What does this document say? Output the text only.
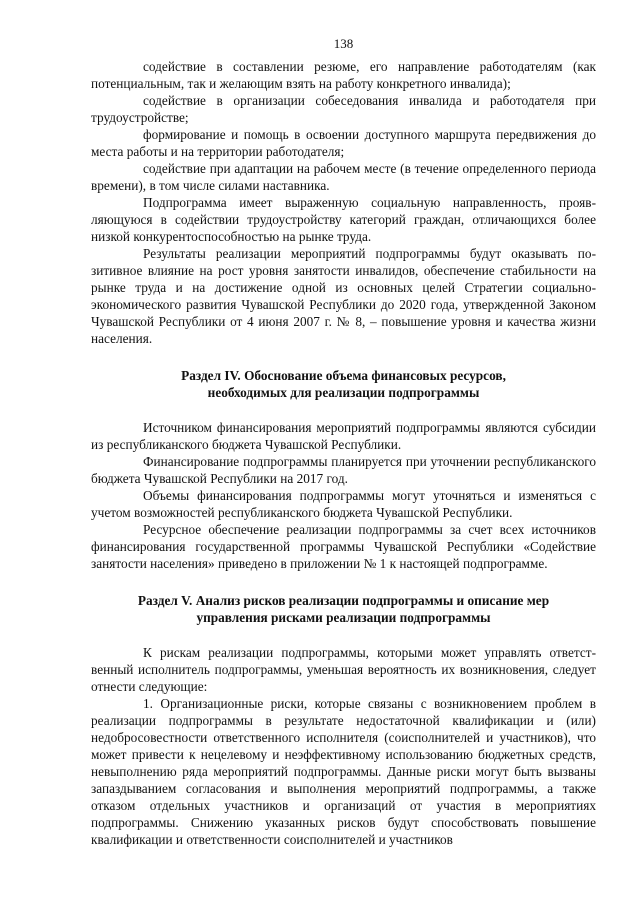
138

содействие в составлении резюме, его направление работодателям (как потенциальным, так и желающим взять на работу конкретного инвалида);

содействие в организации собеседования инвалида и работодателя при трудоустройстве;

формирование и помощь в освоении доступного маршрута передвижения до места работы и на территории работодателя;

содействие при адаптации на рабочем месте (в течение определенного периода времени), в том числе силами наставника.

Подпрограмма имеет выраженную социальную направленность, проявляющуюся в содействии трудоустройству категорий граждан, отличающихся более низкой конкурентоспособностью на рынке труда.

Результаты реализации мероприятий подпрограммы будут оказывать позитивное влияние на рост уровня занятости инвалидов, обеспечение стабильности на рынке труда и на достижение одной из основных целей Стратегии социально-экономического развития Чувашской Республики до 2020 года, утвержденной Законом Чувашской Республики от 4 июня 2007 г. № 8, – повышение уровня и качества жизни населения.

Раздел IV. Обоснование объема финансовых ресурсов,
необходимых для реализации подпрограммы

Источником финансирования мероприятий подпрограммы являются субсидии из республиканского бюджета Чувашской Республики.

Финансирование подпрограммы планируется при уточнении республиканского бюджета Чувашской Республики на 2017 год.

Объемы финансирования подпрограммы могут уточняться и изменяться с учетом возможностей республиканского бюджета Чувашской Республики.

Ресурсное обеспечение реализации подпрограммы за счет всех источников финансирования государственной программы Чувашской Республики «Содействие занятости населения» приведено в приложении № 1 к настоящей подпрограмме.

Раздел V. Анализ рисков реализации подпрограммы и описание мер
управления рисками реализации подпрограммы

К рискам реализации подпрограммы, которыми может управлять ответственный исполнитель подпрограммы, уменьшая вероятность их возникновения, следует отнести следующие:

1. Организационные риски, которые связаны с возникновением проблем в реализации подпрограммы в результате недостаточной квалификации и (или) недобросовестности ответственного исполнителя (соисполнителей и участников), что может привести к нецелевому и неэффективному использованию бюджетных средств, невыполнению ряда мероприятий подпрограммы. Данные риски могут быть вызваны запаздыванием согласования и выполнения мероприятий подпрограммы, а также отказом отдельных участников и организаций от участия в мероприятиях подпрограммы. Снижению указанных рисков будут способствовать повышение квалификации и ответственности соисполнителей и участников
